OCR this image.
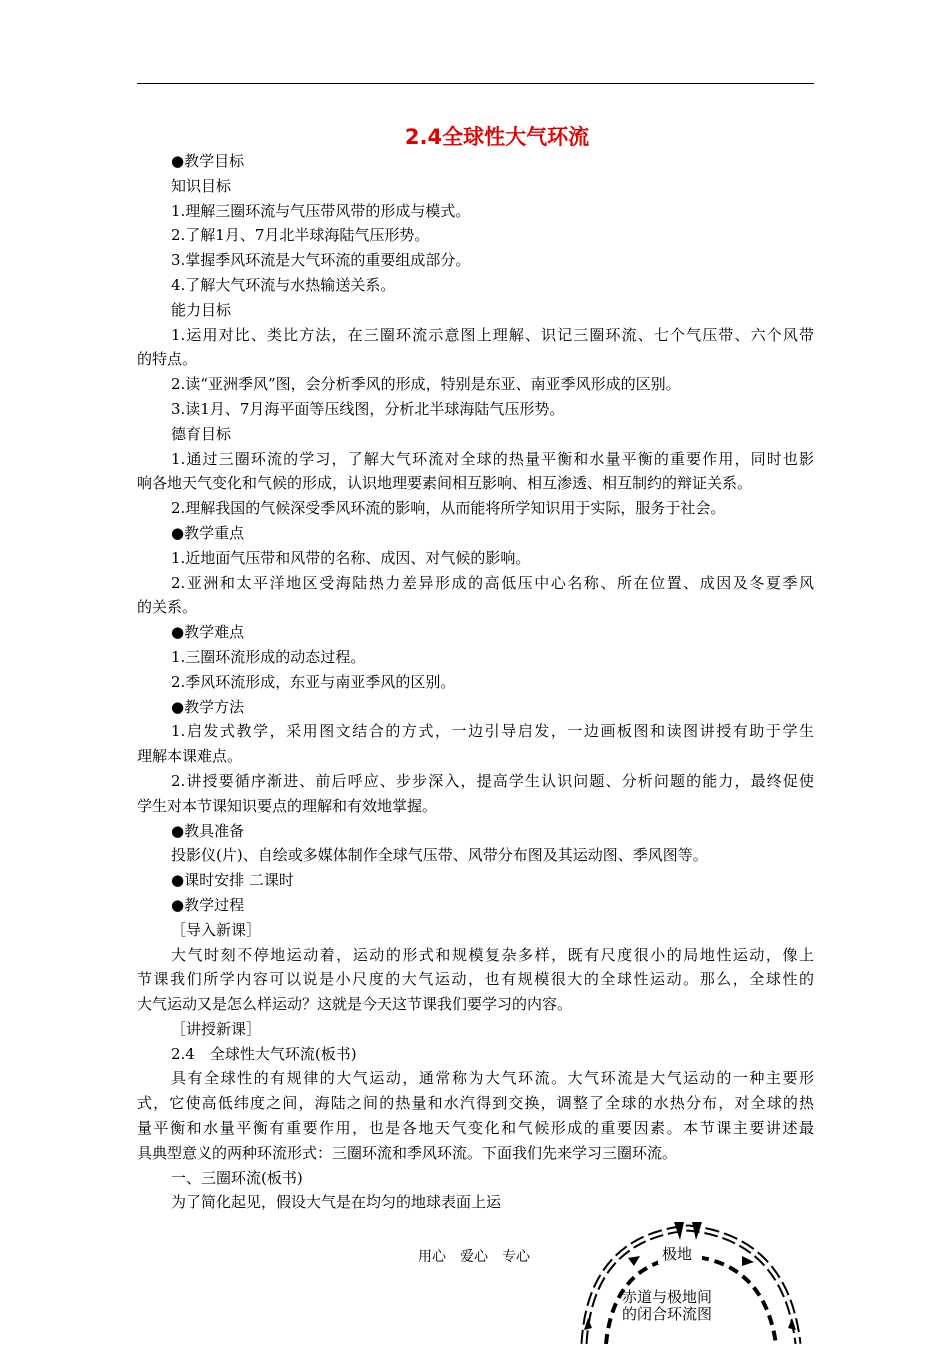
2.4全球性大气环流
●教学目标
知识目标
1.理解三圈环流与气压带风带的形成与模式。
2.了解1月、7月北半球海陆气压形势。
3.掌握季风环流是大气环流的重要组成部分。
4.了解大气环流与水热输送关系。
能力目标
1.运用对比、类比方法，在三圈环流示意图上理解、识记三圈环流、七个气压带、六个风带
的特点。
2.读“亚洲季风”图，会分析季风的形成，特别是东亚、南亚季风形成的区别。
3.读1月、7月海平面等压线图，分析北半球海陆气压形势。
德育目标
1.通过三圈环流的学习，了解大气环流对全球的热量平衡和水量平衡的重要作用，同时也影
响各地天气变化和气候的形成，认识地理要素间相互影响、相互渗透、相互制约的辩证关系。
2.理解我国的气候深受季风环流的影响，从而能将所学知识用于实际，服务于社会。
●教学重点
1.近地面气压带和风带的名称、成因、对气候的影响。
2.亚洲和太平洋地区受海陆热力差异形成的高低压中心名称、所在位置、成因及冬夏季风
的关系。
●教学难点
1.三圈环流形成的动态过程。
2.季风环流形成，东亚与南亚季风的区别。
●教学方法
1.启发式教学，采用图文结合的方式，一边引导启发，一边画板图和读图讲授有助于学生
理解本课难点。
2.讲授要循序渐进、前后呼应、步步深入，提高学生认识问题、分析问题的能力，最终促使
学生对本节课知识要点的理解和有效地掌握。
●教具准备
投影仪(片)、自绘或多媒体制作全球气压带、风带分布图及其运动图、季风图等。
●课时安排 二课时
●教学过程
［导入新课］
大气时刻不停地运动着，运动的形式和规模复杂多样，既有尺度很小的局地性运动，像上
节课我们所学内容可以说是小尺度的大气运动，也有规模很大的全球性运动。那么，全球性的
大气运动又是怎么样运动？这就是今天这节课我们要学习的内容。
［讲授新课］
2.4　全球性大气环流(板书)
具有全球性的有规律的大气运动，通常称为大气环流。大气环流是大气运动的一种主要形
式，它使高低纬度之间，海陆之间的热量和水汽得到交换，调整了全球的水热分布，对全球的热
量平衡和水量平衡有重要作用，也是各地天气变化和气候形成的重要因素。本节课主要讲述最
具典型意义的两种环流形式：三圈环流和季风环流。下面我们先来学习三圈环流。
一、三圈环流(板书)
为了简化起见，假设大气是在均匀的地球表面上运
极地
赤道与极地间
的闭合环流图
用心　爱心　专心
